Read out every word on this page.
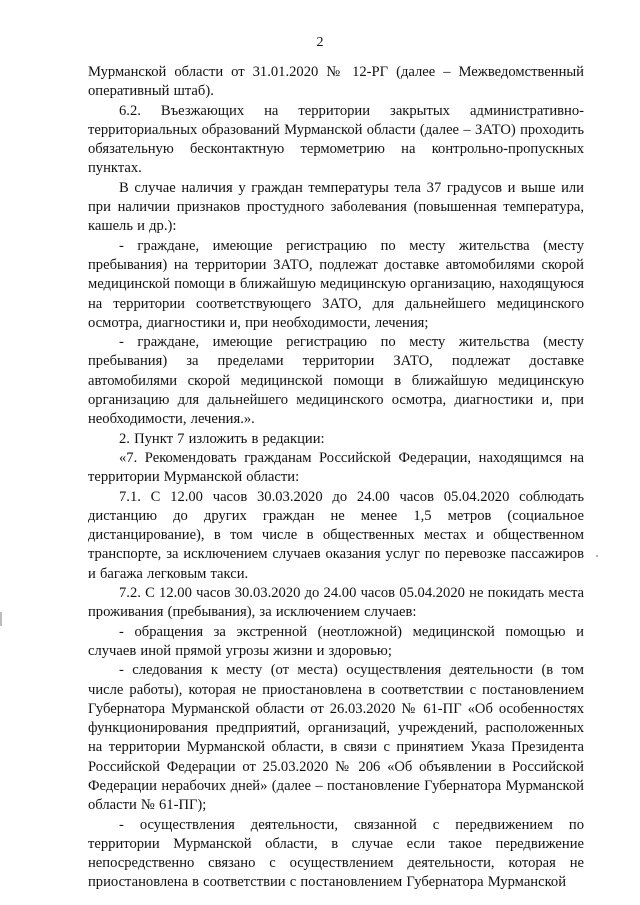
2

Мурманской области от 31.01.2020 № 12-РГ (далее – Межведомственный оперативный штаб).

6.2. Въезжающих на территории закрытых административно-территориальных образований Мурманской области (далее – ЗАТО) проходить обязательную бесконтактную термометрию на контрольно-пропускных пунктах.

В случае наличия у граждан температуры тела 37 градусов и выше или при наличии признаков простудного заболевания (повышенная температура, кашель и др.):

- граждане, имеющие регистрацию по месту жительства (месту пребывания) на территории ЗАТО, подлежат доставке автомобилями скорой медицинской помощи в ближайшую медицинскую организацию, находящуюся на территории соответствующего ЗАТО, для дальнейшего медицинского осмотра, диагностики и, при необходимости, лечения;

- граждане, имеющие регистрацию по месту жительства (месту пребывания) за пределами территории ЗАТО, подлежат доставке автомобилями скорой медицинской помощи в ближайшую медицинскую организацию для дальнейшего медицинского осмотра, диагностики и, при необходимости, лечения.».

2. Пункт 7 изложить в редакции:

«7. Рекомендовать гражданам Российской Федерации, находящимся на территории Мурманской области:

7.1. С 12.00 часов 30.03.2020 до 24.00 часов 05.04.2020 соблюдать дистанцию до других граждан не менее 1,5 метров (социальное дистанцирование), в том числе в общественных местах и общественном транспорте, за исключением случаев оказания услуг по перевозке пассажиров и багажа легковым такси.

7.2. С 12.00 часов 30.03.2020 до 24.00 часов 05.04.2020 не покидать места проживания (пребывания), за исключением случаев:

- обращения за экстренной (неотложной) медицинской помощью и случаев иной прямой угрозы жизни и здоровью;

- следования к месту (от места) осуществления деятельности (в том числе работы), которая не приостановлена в соответствии с постановлением Губернатора Мурманской области от 26.03.2020 № 61-ПГ «Об особенностях функционирования предприятий, организаций, учреждений, расположенных на территории Мурманской области, в связи с принятием Указа Президента Российской Федерации от 25.03.2020 № 206 «Об объявлении в Российской Федерации нерабочих дней» (далее – постановление Губернатора Мурманской области № 61-ПГ);

- осуществления деятельности, связанной с передвижением по территории Мурманской области, в случае если такое передвижение непосредственно связано с осуществлением деятельности, которая не приостановлена в соответствии с постановлением Губернатора Мурманской
